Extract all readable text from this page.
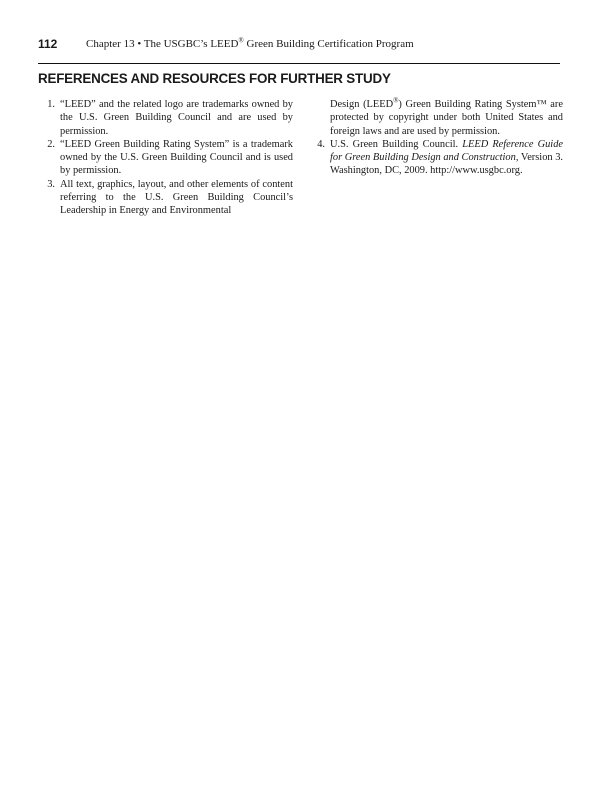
112	Chapter 13 • The USGBC’s LEED® Green Building Certification Program
REFERENCES AND RESOURCES FOR FURTHER STUDY
1. “LEED” and the related logo are trademarks owned by the U.S. Green Building Council and are used by permission.
2. “LEED Green Building Rating System” is a trademark owned by the U.S. Green Building Council and is used by permission.
3. All text, graphics, layout, and other elements of content referring to the U.S. Green Building Council’s Leadership in Energy and Environmental
Design (LEED®) Green Building Rating System™ are protected by copyright under both United States and foreign laws and are used by permission.
4. U.S. Green Building Council. LEED Reference Guide for Green Building Design and Construction, Version 3. Washington, DC, 2009. http://www.usgbc.org.
